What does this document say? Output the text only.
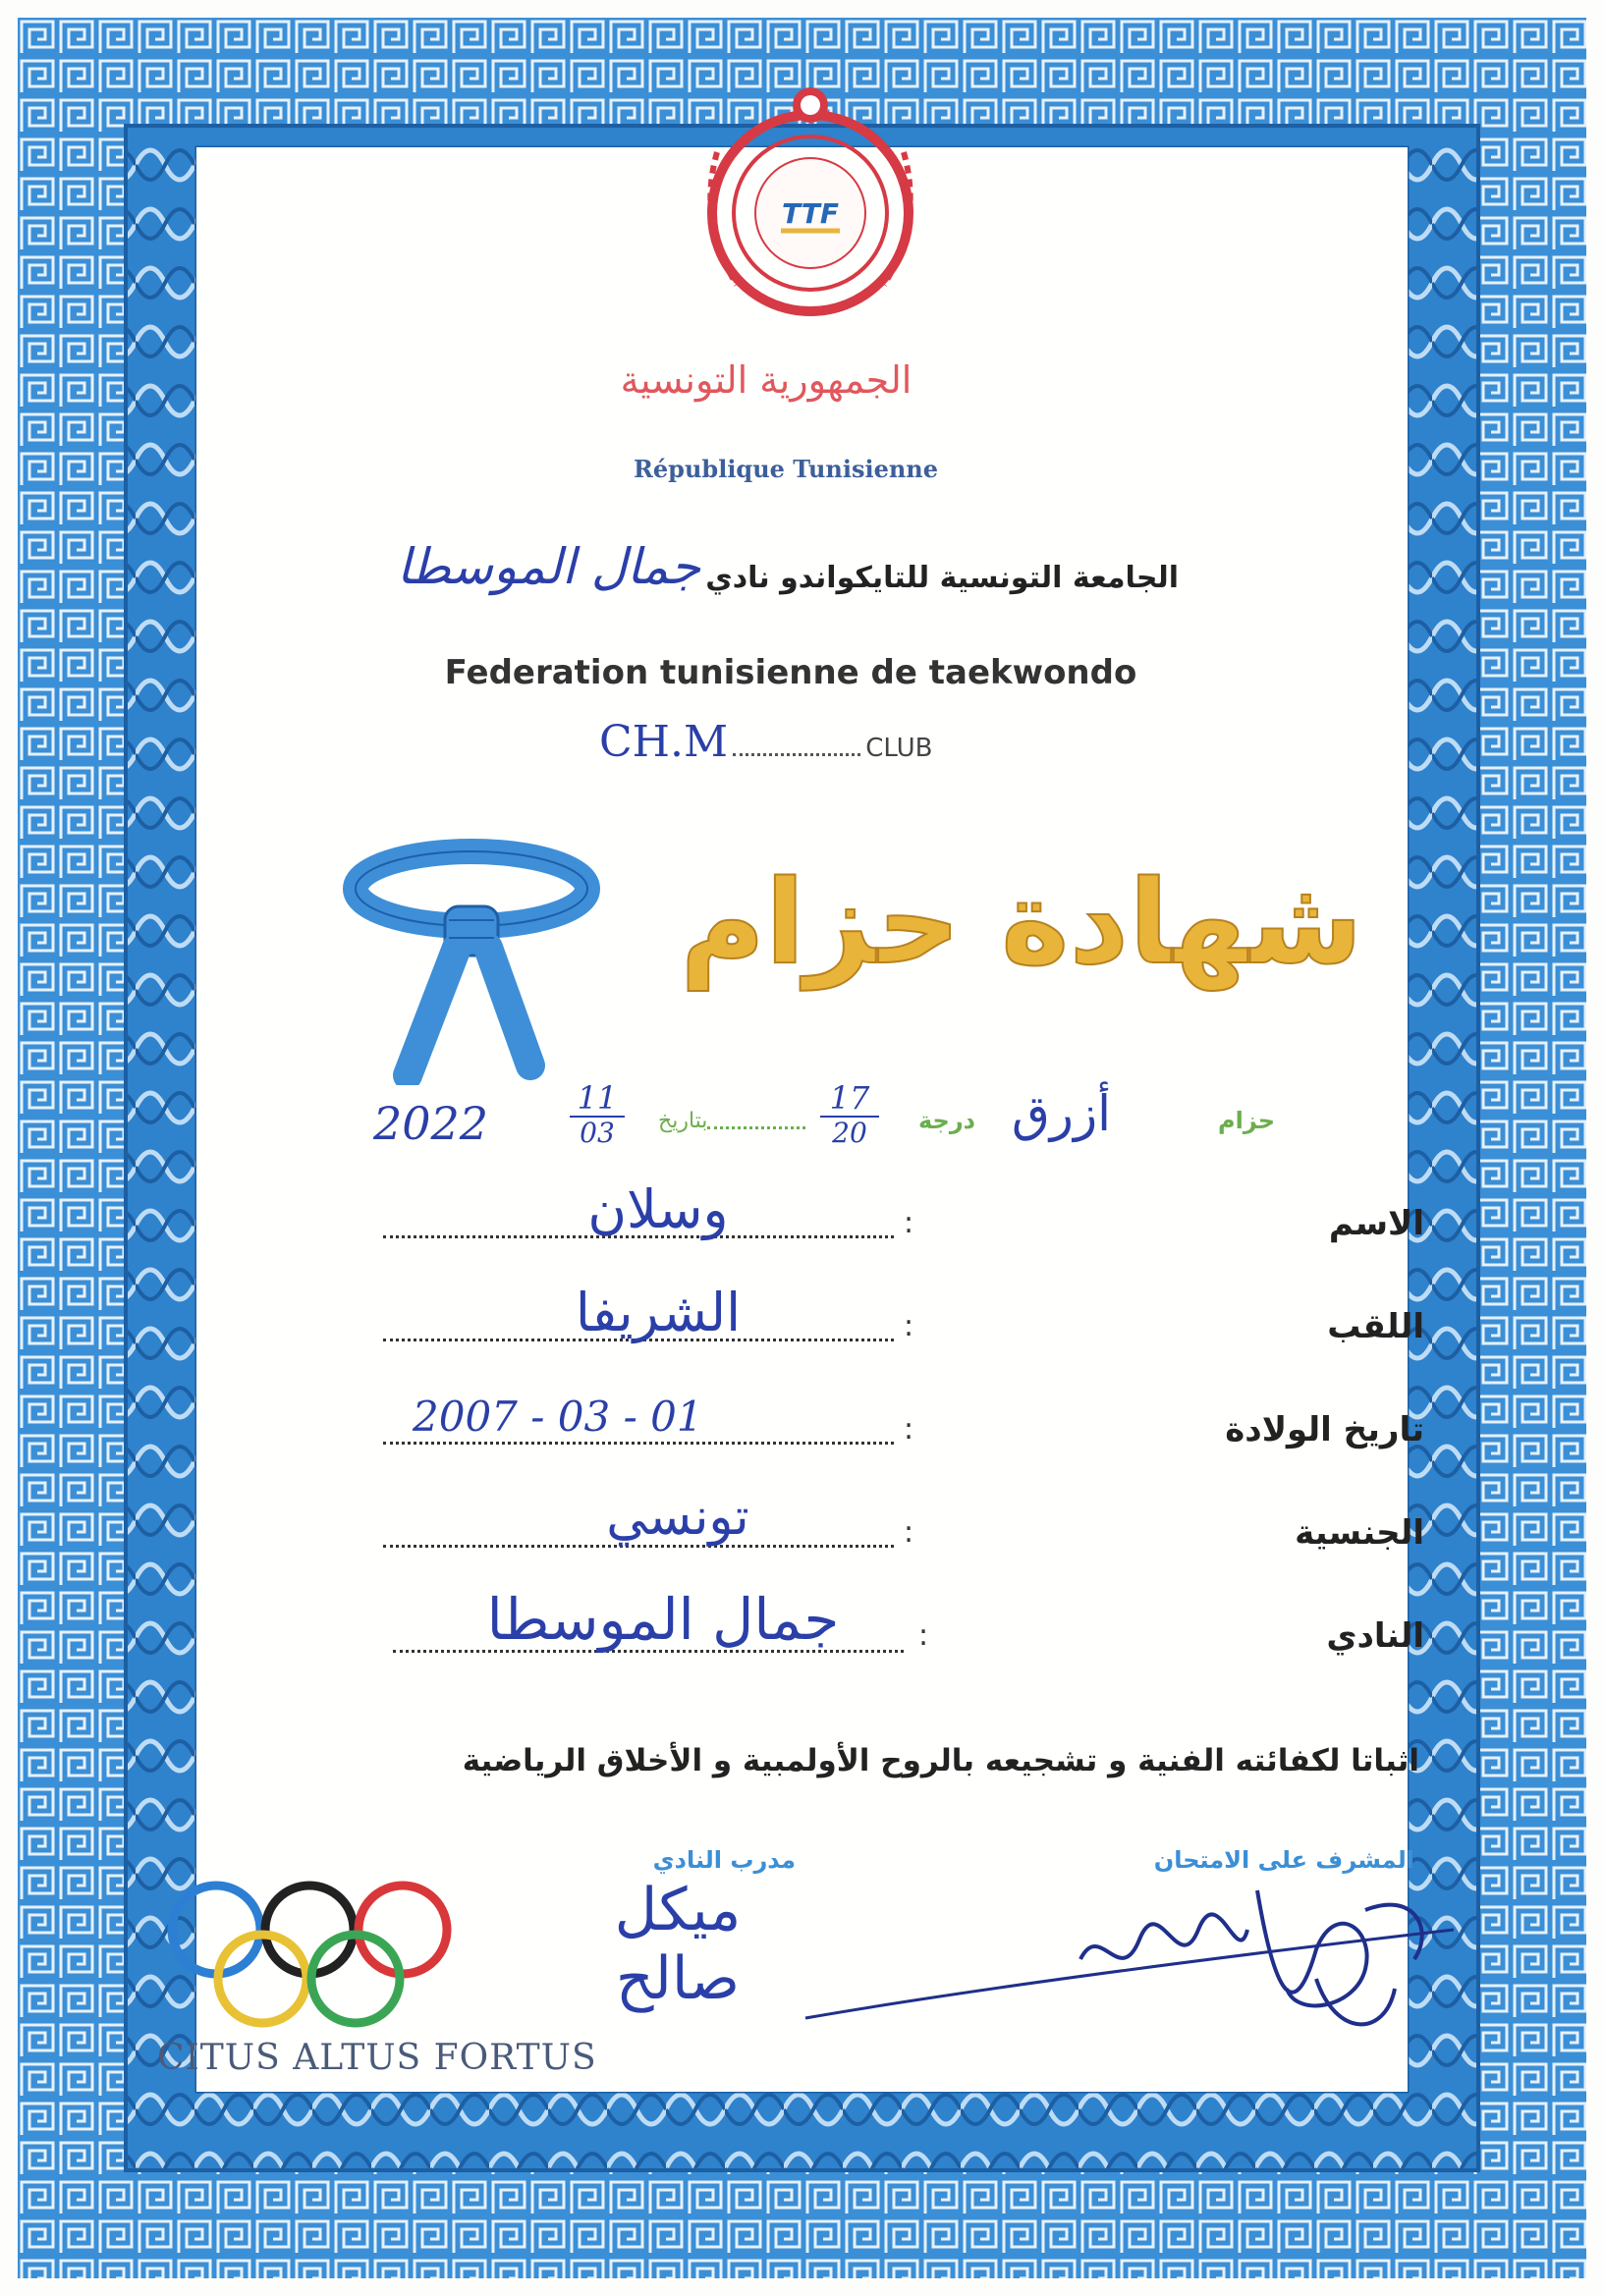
TTF
الجمهورية التونسية
République Tunisienne
الجامعة التونسية للتايكواندو نادي جمال الموسطا
Federation tunisienne de taekwondo
CH.M	CLUB
شهادة حزام
حزام
أزرق
درجة
17
20
بتاريخ
11
03
2022
الاسم
:
وسلان
اللقب
:
الشريفا
تاريخ الولادة
:
2007 - 03 - 01
الجنسية
:
تونسي
النادي
:
جمال الموسطا
اثباتا لكفائته الفنية و تشجيعه بالروح الأولمبية و الأخلاق الرياضية
المشرف على الامتحان
مدرب النادي
ميكل صالح
CITUS ALTUS FORTUS
